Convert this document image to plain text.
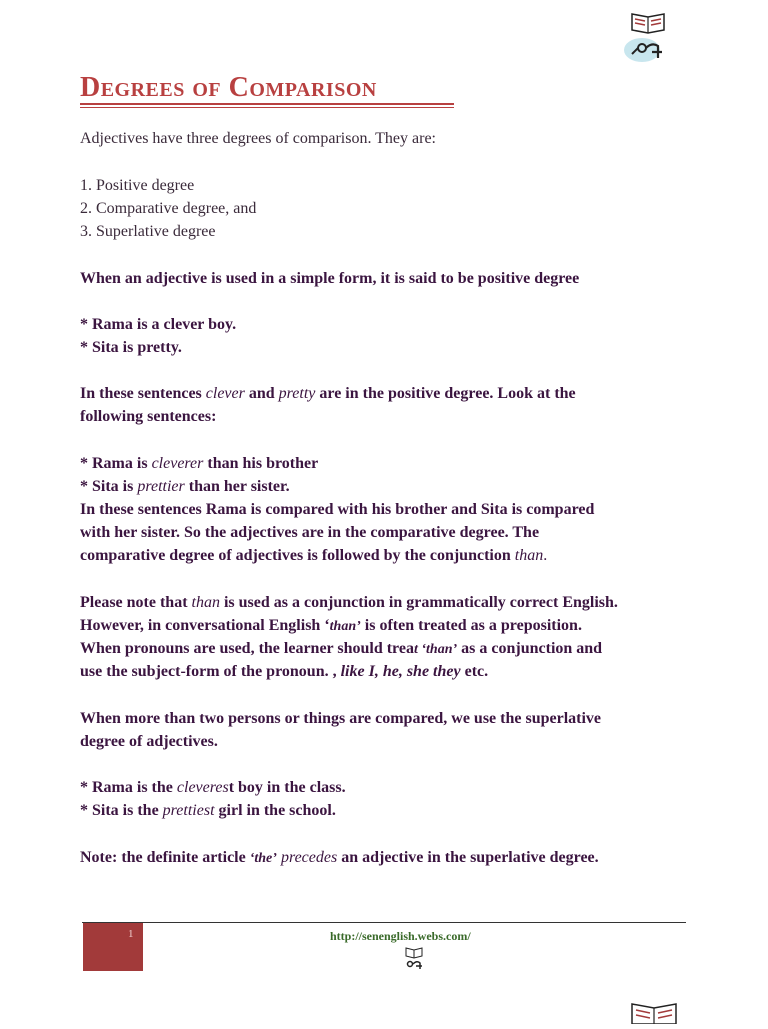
Degrees of Comparison
Adjectives have three degrees of comparison. They are:
1. Positive degree
2. Comparative degree, and
3. Superlative degree
When an adjective is used in a simple form, it is said to be positive degree
* Rama is a clever boy.
* Sita is pretty.
In these sentences clever and pretty are in the positive degree. Look at the
following sentences:
* Rama is cleverer than his brother
* Sita is prettier than her sister.
In these sentences Rama is compared with his brother and Sita is compared
with her sister. So the adjectives are in the comparative degree. The
comparative degree of adjectives is followed by the conjunction than.
Please note that than is used as a conjunction in grammatically correct English.
However, in conversational English ‘than’ is often treated as a preposition.
When pronouns are used, the learner should treat ‘than’ as a conjunction and
use the subject-form of the pronoun. , like I, he, she they etc.
When more than two persons or things are compared, we use the superlative
degree of adjectives.
* Rama is the cleverest boy in the class.
* Sita is the prettiest girl in the school.
Note: the definite article ‘the’ precedes an adjective in the superlative degree.
1	http://senenglish.webs.com/
